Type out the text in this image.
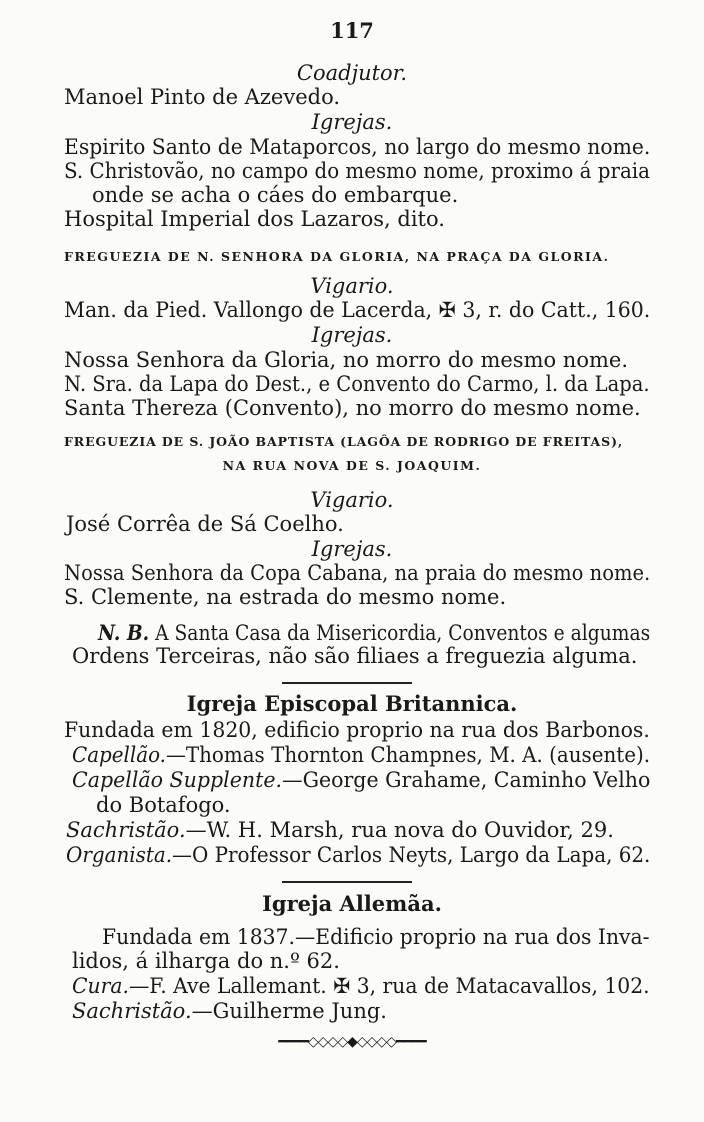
117
Coadjutor.
Manoel Pinto de Azevedo.
Igrejas.
Espirito Santo de Mataporcos, no largo do mesmo nome.
S. Christovão, no campo do mesmo nome, proximo á praia
onde se acha o cáes do embarque.
Hospital Imperial dos Lazaros, dito.
FREGUEZIA DE N. SENHORA DA GLORIA, NA PRAÇA DA GLORIA.
Vigario.
Man. da Pied. Vallongo de Lacerda, ✠ 3, r. do Catt., 160.
Igrejas.
Nossa Senhora da Gloria, no morro do mesmo nome.
N. Sra. da Lapa do Dest., e Convento do Carmo, l. da Lapa.
Santa Thereza (Convento), no morro do mesmo nome.
FREGUEZIA DE S. JOÃO BAPTISTA (LAGÔA DE RODRIGO DE FREITAS),
NA RUA NOVA DE S. JOAQUIM.
Vigario.
José Corrêa de Sá Coelho.
Igrejas.
Nossa Senhora da Copa Cabana, na praia do mesmo nome.
S. Clemente, na estrada do mesmo nome.
N. B. A Santa Casa da Misericordia, Conventos e algumas
Ordens Terceiras, não são filiaes a freguezia alguma.
Igreja Episcopal Britannica.
Fundada em 1820, edificio proprio na rua dos Barbonos.
Capellão.—Thomas Thornton Champnes, M. A. (ausente).
Capellão Supplente.—George Grahame, Caminho Velho
do Botafogo.
Sachristão.—W. H. Marsh, rua nova do Ouvidor, 29.
Organista.—O Professor Carlos Neyts, Largo da Lapa, 62.
Igreja Allemãa.
Fundada em 1837.—Edificio proprio na rua dos Inva-
lidos, á ilharga do n.º 62.
Cura.—F. Ave Lallemant. ✠ 3, rua de Matacavallos, 102.
Sachristão.—Guilherme Jung.
━━━━◇◇◇◇◆◇◇◇◇━━━━
